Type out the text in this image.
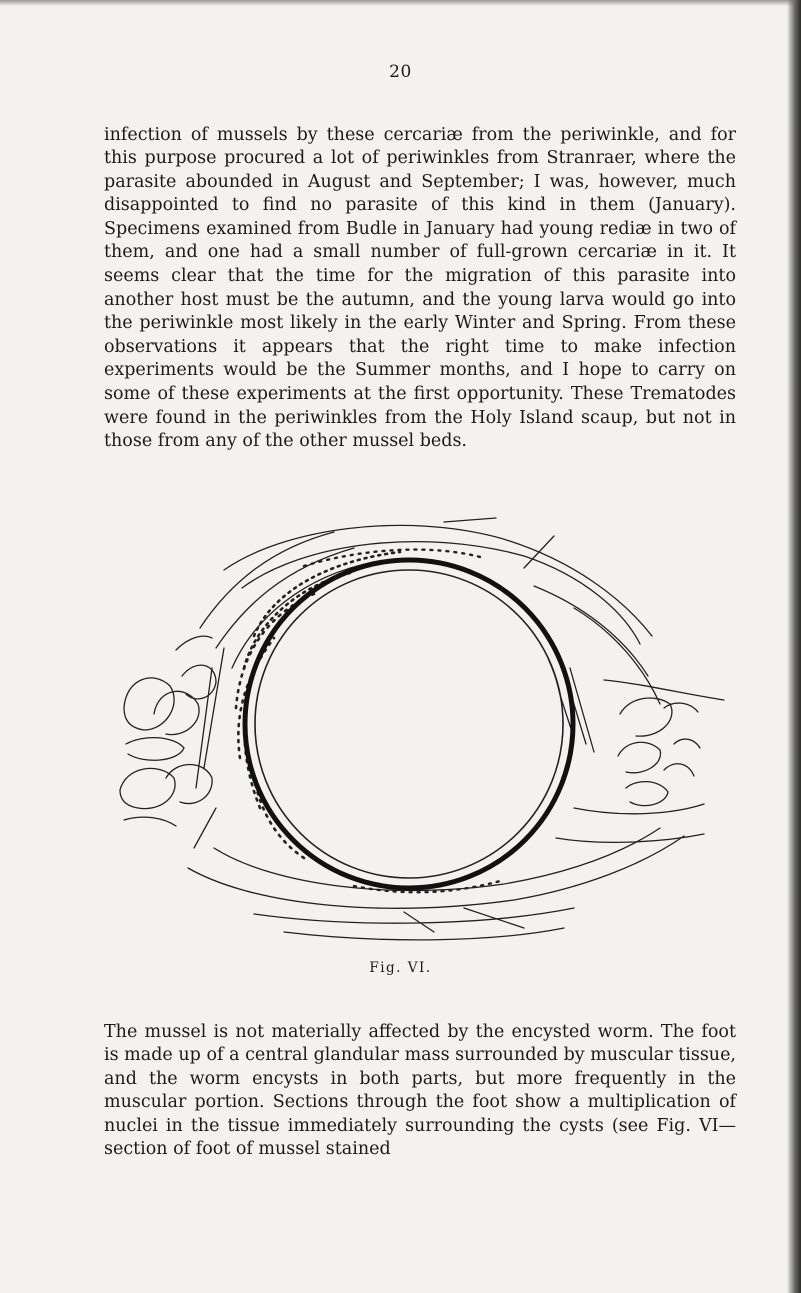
20

infection of mussels by these cercariæ from the periwinkle, and for this purpose procured a lot of periwinkles from Stranraer, where the parasite abounded in August and September; I was, however, much disappointed to find no parasite of this kind in them (January). Specimens examined from Budle in January had young rediæ in two of them, and one had a small number of full-grown cercariæ in it. It seems clear that the time for the migration of this parasite into another host must be the autumn, and the young larva would go into the periwinkle most likely in the early Winter and Spring. From these observations it appears that the right time to make infection experiments would be the Summer months, and I hope to carry on some of these experiments at the first opportunity. These Trematodes were found in the periwinkles from the Holy Island scaup, but not in those from any of the other mussel beds.

Fig. VI.

The mussel is not materially affected by the encysted worm. The foot is made up of a central glandular mass surrounded by muscular tissue, and the worm encysts in both parts, but more frequently in the muscular portion. Sections through the foot show a multiplication of nuclei in the tissue immediately surrounding the cysts (see Fig. VI—section of foot of mussel stained
